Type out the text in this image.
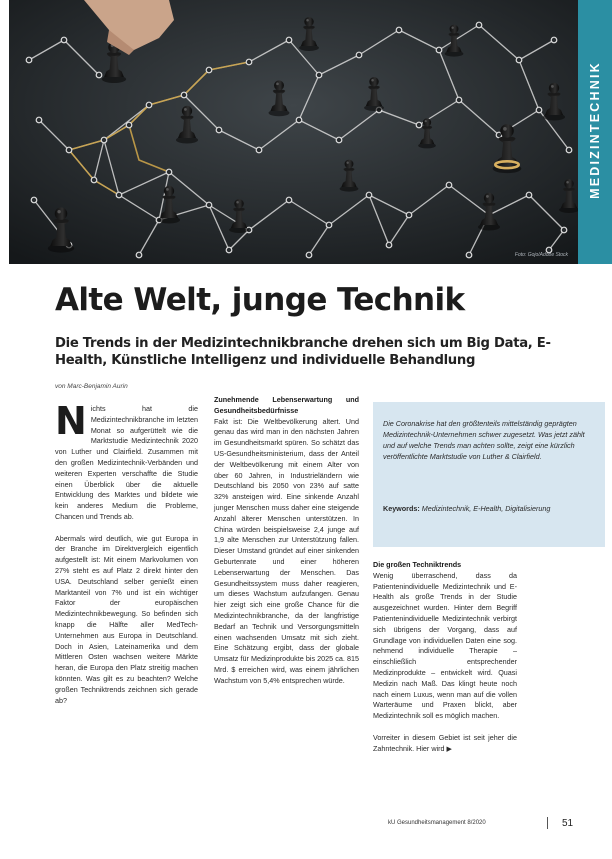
Foto: Gojo/Adobe Stock
MEDIZINTECHNIK
Alte Welt, junge Technik
Die Trends in der Medizintechnikbranche drehen sich um Big Data, E-Health, Künstliche Intelligenz und individuelle Behandlung
von Marc-Benjamin Aurin

Nichts hat die Medizintechnikbranche im letzten Monat so aufgerüttelt wie die Marktstudie Medizintechnik 2020 von Luther und Clairfield. Zusammen mit den großen Medizintechnik-Verbänden und weiteren Experten verschaffte die Studie einen Überblick über die aktuelle Entwicklung des Marktes und bildete wie kein anderes Medium die Probleme, Chancen und Trends ab.

Abermals wird deutlich, wie gut Europa in der Branche im Direktvergleich eigentlich aufgestellt ist: Mit einem Markvolumen von 27% steht es auf Platz 2 direkt hinter den USA. Deutschland selber genießt einen Marktanteil von 7% und ist ein wichtiger Faktor der europäischen Medizintechnikbewegung. So befinden sich knapp die Hälfte aller MedTech-Unternehmen aus Europa in Deutschland. Doch in Asien, Lateinamerika und dem Mittleren Osten wachsen weitere Märkte heran, die Europa den Platz streitig machen könnten. Was gilt es zu beachten? Welche großen Techniktrends zeichnen sich gerade ab?

Zunehmende Lebenserwartung und Gesundheitsbedürfnisse

Fakt ist: Die Weltbevölkerung altert. Und genau das wird man in den nächsten Jahren im Gesundheitsmarkt spüren. So schätzt das US-Gesundheitsministerium, dass der Anteil der Weltbevölkerung mit einem Alter von über 60 Jahren, in Industrieländern wie Deutschland bis 2050 von 23% auf satte 32% ansteigen wird. Eine sinkende Anzahl junger Menschen muss daher eine steigende Anzahl älterer Menschen unterstützen. In China würden beispielsweise 2,4 junge auf 1,9 alte Menschen zur Unterstützung fallen. Dieser Umstand gründet auf einer sinkenden Geburtenrate und einer höheren Lebenserwartung der Menschen. Das Gesundheitssystem muss daher reagieren, um dieses Wachstum aufzufangen. Genau hier zeigt sich eine große Chance für die Medizintechnikbranche, da der langfristige Bedarf an Technik und Versorgungsmitteln einen wachsenden Umsatz mit sich zieht. Eine Schätzung ergibt, dass der globale Umsatz für Medizinprodukte bis 2025 ca. 815 Mrd. $ erreichen wird, was einem jährlichen Wachstum von 5,4% entsprechen würde.

Die Coronakrise hat den größtenteils mittelständig geprägten Medizintechnik-Unternehmen schwer zugesetzt. Was jetzt zählt und auf welche Trends man achten sollte, zeigt eine kürzlich veröffentlichte Marktstudie von Luther & Clairfield.

Keywords: Medizintechnik, E-Health, Digitalisierung

Die großen Techniktrends

Wenig überraschend, dass da Patientenindividuelle Medizintechnik und E-Health als große Trends in der Studie ausgezeichnet wurden. Hinter dem Begriff Patientenindividuelle Medizintechnik verbirgt sich übrigens der Vorgang, dass auf Grundlage von individuellen Daten eine sog. nehmend individuelle Therapie – einschließlich entsprechender Medizinprodukte – entwickelt wird. Quasi Medizin nach Maß. Das klingt heute noch nach einem Luxus, wenn man auf die vollen Warteräume und Praxen blickt, aber Medizintechnik soll es möglich machen.

Vorreiter in diesem Gebiet ist seit jeher die Zahntechnik. Hier wird ▶

kU Gesundheitsmanagement 8/2020	51
